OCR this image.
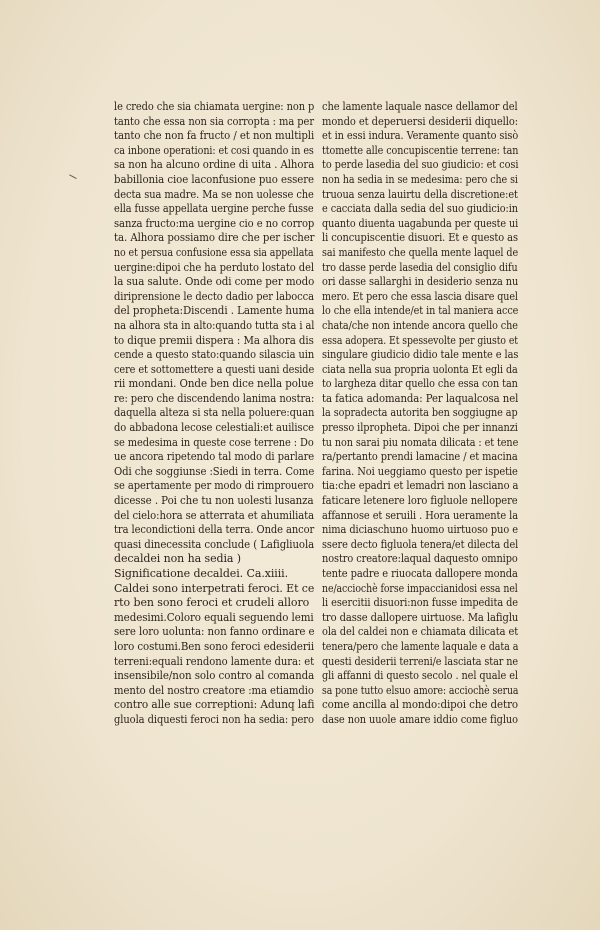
le credo che sia chiamata uergine: non p
tanto che essa non sia corropta : ma per
tanto che non fa fructo / et non multipli
ca inbone operationi: et cosi quando in es
sa non ha alcuno ordine di uita . Alhora
babillonia cioe laconfusione puo essere
decta sua madre. Ma se non uolesse che
ella fusse appellata uergine perche fusse
sanza fructo:ma uergine cio e no corrop
ta. Alhora possiamo dire che per ischer
no et persua confusione essa sia appellata
uergine:dipoi che ha perduto lostato del
la sua salute. Onde odi come per modo
diriprensione le decto dadio per labocca
del propheta:Discendi . Lamente huma
na alhora sta in alto:quando tutta sta i al
to dique premii dispera : Ma alhora dis
cende a questo stato:quando silascia uin
cere et sottomettere a questi uani deside
rii mondani. Onde ben dice nella polue
re: pero che discendendo lanima nostra:
daquella alteza si sta nella poluere:quan
do abbadona lecose celestiali:et auilisce
se medesima in queste cose terrene : Do
ue ancora ripetendo tal modo di parlare
Odi che soggiunse :Siedi in terra. Come
se apertamente per modo di rimprouero
dicesse . Poi che tu non uolesti lusanza
del cielo:hora se atterrata et ahumiliata
tra lecondictioni della terra. Onde ancor
quasi dinecessita conclude ( Lafigliuola
decaldei non ha sedia )
Significatione decaldei. Ca.xiiii.
Caldei sono interpetrati feroci. Et ce
rto ben sono feroci et crudeli alloro
medesimi.Coloro equali seguendo lemi
sere loro uolunta: non fanno ordinare e
loro costumi.Ben sono feroci edesiderii
terreni:equali rendono lamente dura: et
insensibile/non solo contro al comanda
mento del nostro creatore :ma etiamdio
contro alle sue correptioni: Adunq lafi
gluola diquesti feroci non ha sedia: pero
che lamente laquale nasce dellamor del
mondo et deperuersi desiderii diquello:
et in essi indura. Veramente quanto sisò
ttomette alle concupiscentie terrene: tan
to perde lasedia del suo giudicio: et cosi
non ha sedia in se medesima: pero che si
truoua senza lauirtu della discretione:et
e cacciata dalla sedia del suo giudicio:in
quanto diuenta uagabunda per queste ui
li concupiscentie disuori. Et e questo as
sai manifesto che quella mente laquel de
tro dasse perde lasedia del consiglio difu
ori dasse sallarghi in desiderio senza nu
mero. Et pero che essa lascia disare quel
lo che ella intende/et in tal maniera acce
chata/che non intende ancora quello che
essa adopera. Et spessevolte per giusto et
singulare giudicio didio tale mente e las
ciata nella sua propria uolonta Et egli da
to largheza ditar quello che essa con tan
ta fatica adomanda: Per laqualcosa nel
la sopradecta autorita ben soggiugne ap
presso ilpropheta. Dipoi che per innanzi
tu non sarai piu nomata dilicata : et tene
ra/pertanto prendi lamacine / et macina
farina. Noi ueggiamo questo per ispetie
tia:che epadri et lemadri non lasciano a
faticare letenere loro figluole nellopere
affannose et seruili . Hora ueramente la
nima diciaschuno huomo uirtuoso puo e
ssere decto figluola tenera/et dilecta del
nostro creatore:laqual daquesto omnipo
tente padre e riuocata dallopere monda
ne/acciochè forse impaccianidosi essa nel
li esercitii disuori:non fusse impedita de
tro dasse dallopere uirtuose. Ma lafiglu
ola del caldei non e chiamata dilicata et
tenera/pero che lamente laquale e data a
questi desiderii terreni/e lasciata star ne
gli affanni di questo secolo . nel quale el
sa pone tutto elsuo amore: acciochè serua
come ancilla al mondo:dipoi che detro
dase non uuole amare iddio come figluo
